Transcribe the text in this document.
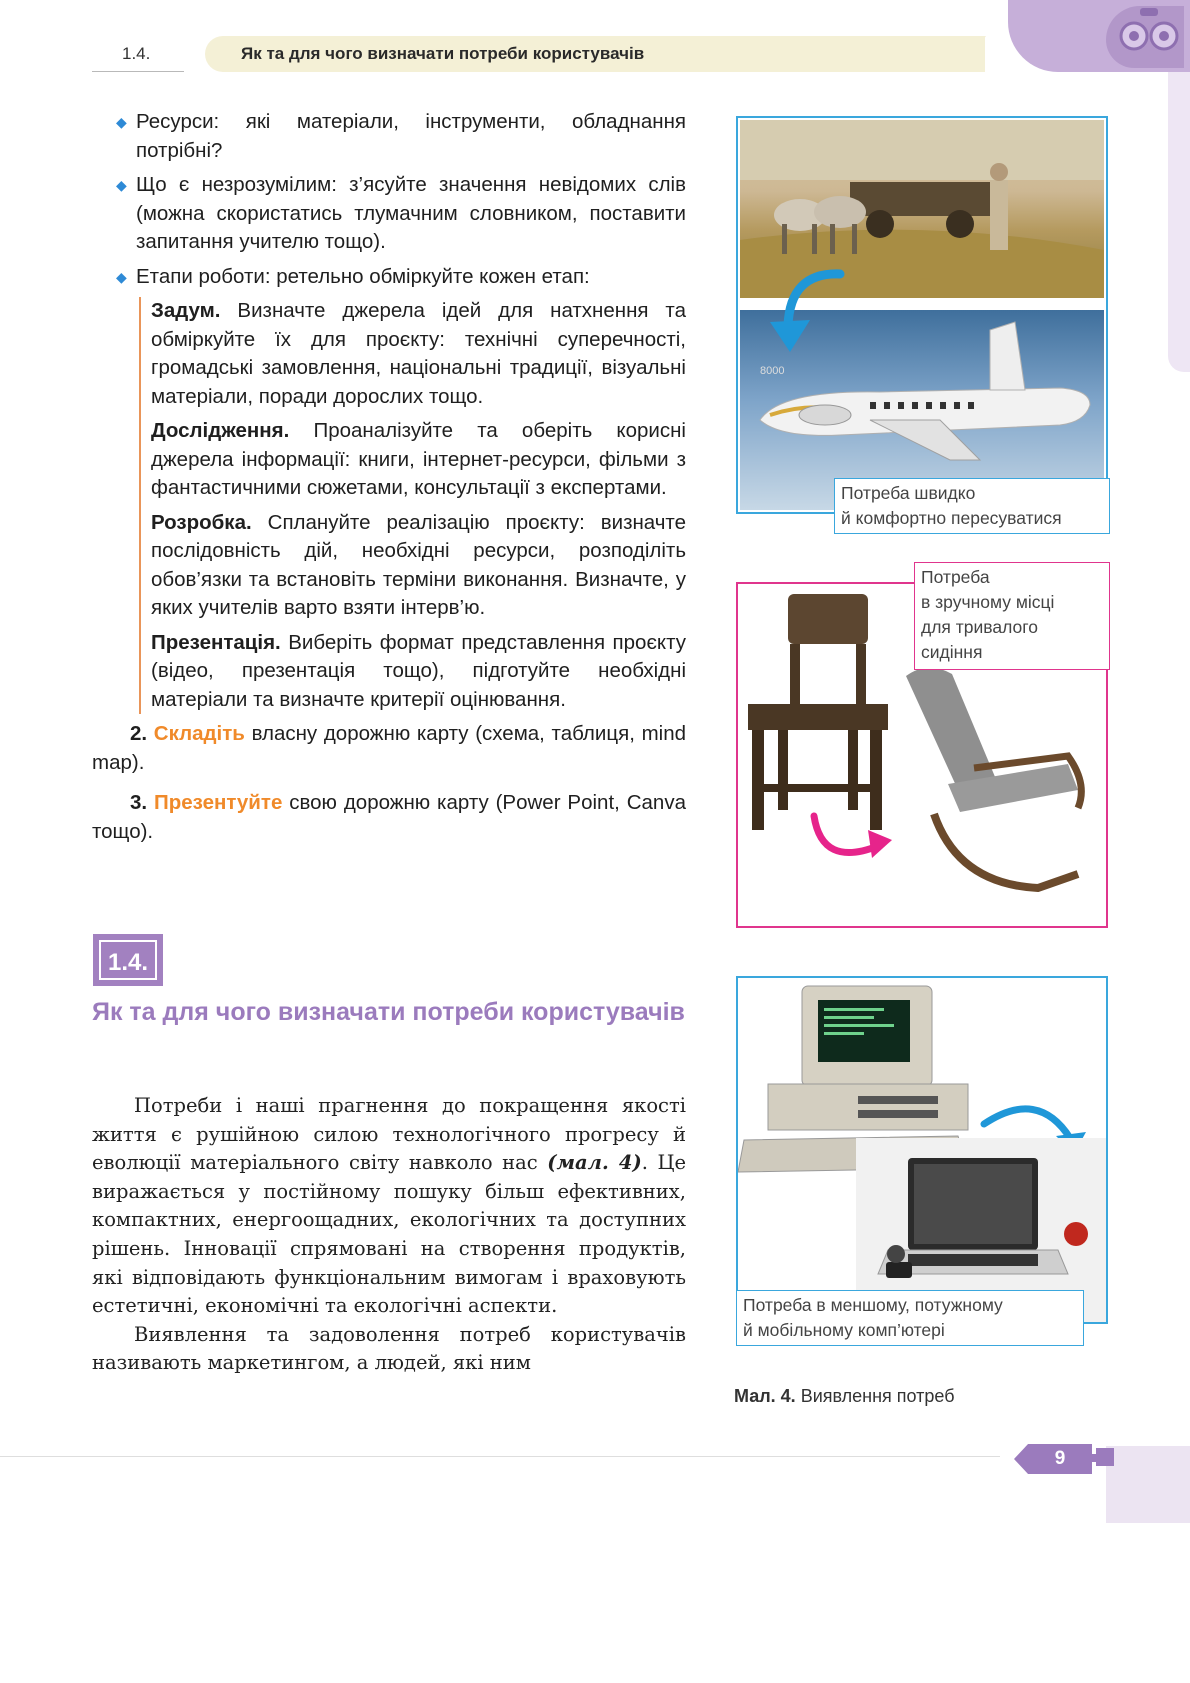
1.4.	Як та для чого визначати потреби користувачів
◆ Ресурси: які матеріали, інструменти, обладнання потрібні?
◆ Що є незрозумілим: з’ясуйте значення невідомих слів (можна скористатись тлумачним словником, поставити запитання учителю тощо).
◆ Етапи роботи: ретельно обміркуйте кожен етап:

Задум. Визначте джерела ідей для натхнення та обміркуйте їх для проєкту: технічні суперечності, громадські замовлення, національні традиції, візуальні матеріали, поради дорослих тощо.

Дослідження. Проаналізуйте та оберіть корисні джерела інформації: книги, інтернет-ресурси, фільми з фантастичними сюжетами, консультації з експертами.

Розробка. Сплануйте реалізацію проєкту: визначте послідовність дій, необхідні ресурси, розподіліть обов’язки та встановіть терміни виконання. Визначте, у яких учителів варто взяти інтерв’ю.

Презентація. Виберіть формат представлення проєкту (відео, презентація тощо), підготуйте необхідні матеріали та визначте критерії оцінювання.

2. Складіть власну дорожню карту (схема, таблиця, mind map).

3. Презентуйте свою дорожню карту (Power Point, Canva тощо).

1.4.
Як та для чого визначати потреби користувачів

Потреби і наші прагнення до покращення якості життя є рушійною силою технологічного прогресу й еволюції матеріального світу навколо нас (мал. 4). Це виражається у постійному пошуку більш ефективних, компактних, енергоощадних, екологічних та доступних рішень. Інновації спрямовані на створення продуктів, які відповідають функціональним вимогам і враховують естетичні, економічні та екологічні аспекти.

Виявлення та задоволення потреб користувачів називають маркетингом, а людей, які ним

8000
Потреба швидко
й комфортно пересуватися
Потреба
в зручному місці
для тривалого
сидіння
Потреба в меншому, потужному
й мобільному комп’ютері
Мал. 4. Виявлення потреб
9
